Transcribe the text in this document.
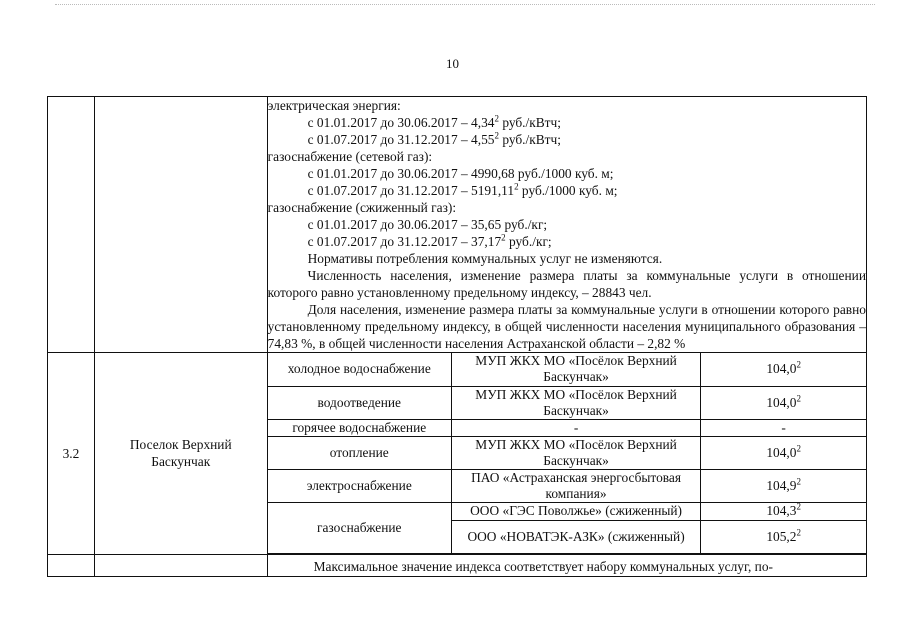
10

электрическая энергия:
с 01.01.2017 до 30.06.2017 – 4,34$^2$ руб./кВтч;
с 01.07.2017 до 31.12.2017 – 4,55$^2$ руб./кВтч;
газоснабжение (сетевой газ):
с 01.01.2017 до 30.06.2017 – 4990,68 руб./1000 куб. м;
с 01.07.2017 до 31.12.2017 – 5191,11$^2$ руб./1000 куб. м;
газоснабжение (сжиженный газ):
с 01.01.2017 до 30.06.2017 – 35,65 руб./кг;
с 01.07.2017 до 31.12.2017 – 37,17$^2$ руб./кг;
Нормативы потребления коммунальных услуг не изменяются.
Численность населения, изменение размера платы за коммунальные услуги в отношении которого равно установленному предельному индексу, – 28843 чел.
Доля населения, изменение размера платы за коммунальные услуги в отношении которого равно установленному предельному индексу, в общей численности населения муниципального образования – 74,83 %, в общей численности населения Астраханской области – 2,82 %

3.2	Поселок Верхний Баскунчак	
холодное водоснабжение	МУП ЖКХ МО «Посёлок Верхний Баскунчак»	104,0$^2$
водоотведение	МУП ЖКХ МО «Посёлок Верхний Баскунчак»	104,0$^2$
горячее водоснабжение	-	-
отопление	МУП ЖКХ МО «Посёлок Верхний Баскунчак»	104,0$^2$
электроснабжение	ПАО «Астраханская энергосбытовая компания»	104,9$^2$
газоснабжение	ООО «ГЭС Поволжье» (сжиженный)	104,3$^2$
ООО «НОВАТЭК-АЗК» (сжиженный)	105,2$^2$

Максимальное значение индекса соответствует набору коммунальных услуг, по-
